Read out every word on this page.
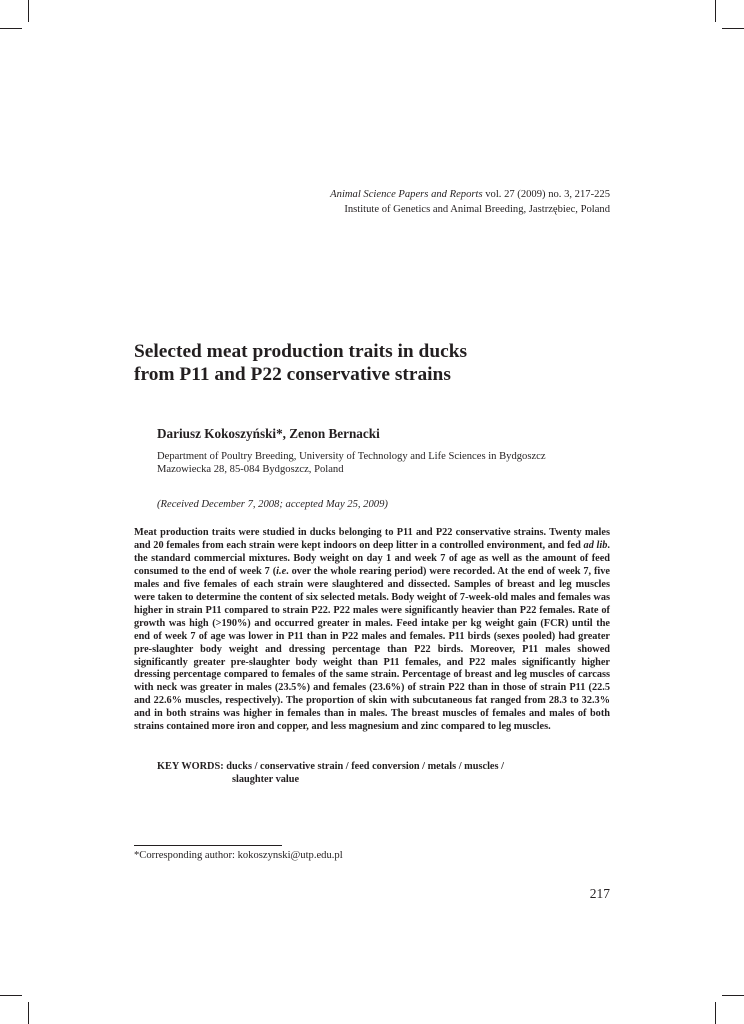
Animal Science Papers and Reports vol. 27 (2009) no. 3, 217-225
Institute of Genetics and Animal Breeding, Jastrzębiec, Poland
Selected meat production traits in ducks
from P11 and P22 conservative strains
Dariusz Kokoszyński*, Zenon Bernacki
Department of Poultry Breeding, University of Technology and Life Sciences in Bydgoszcz
Mazowiecka 28, 85-084 Bydgoszcz, Poland
(Received December 7, 2008; accepted May 25, 2009)

Meat production traits were studied in ducks belonging to P11 and P22 conservative strains. Twenty males and 20 females from each strain were kept indoors on deep litter in a controlled environment, and fed ad lib. the standard commercial mixtures. Body weight on day 1 and week 7 of age as well as the amount of feed consumed to the end of week 7 (i.e. over the whole rearing period) were recorded. At the end of week 7, five males and five females of each strain were slaughtered and dissected. Samples of breast and leg muscles were taken to determine the content of six selected metals. Body weight of 7-week-old males and females was higher in strain P11 compared to strain P22. P22 males were significantly heavier than P22 females. Rate of growth was high (>190%) and occurred greater in males. Feed intake per kg weight gain (FCR) until the end of week 7 of age was lower in P11 than in P22 males and females. P11 birds (sexes pooled) had greater pre-slaughter body weight and dressing percentage than P22 birds. Moreover, P11 males showed significantly greater pre-slaughter body weight than P11 females, and P22 males significantly higher dressing percentage compared to females of the same strain. Percentage of breast and leg muscles of carcass with neck was greater in males (23.5%) and females (23.6%) of strain P22 than in those of strain P11 (22.5 and 22.6% muscles, respectively). The proportion of skin with subcutaneous fat ranged from 28.3 to 32.3% and in both strains was higher in females than in males. The breast muscles of females and males of both strains contained more iron and copper, and less magnesium and zinc compared to leg muscles.

KEY WORDS: ducks / conservative strain / feed conversion / metals / muscles /
slaughter value
*Corresponding author: kokoszynski@utp.edu.pl
217
